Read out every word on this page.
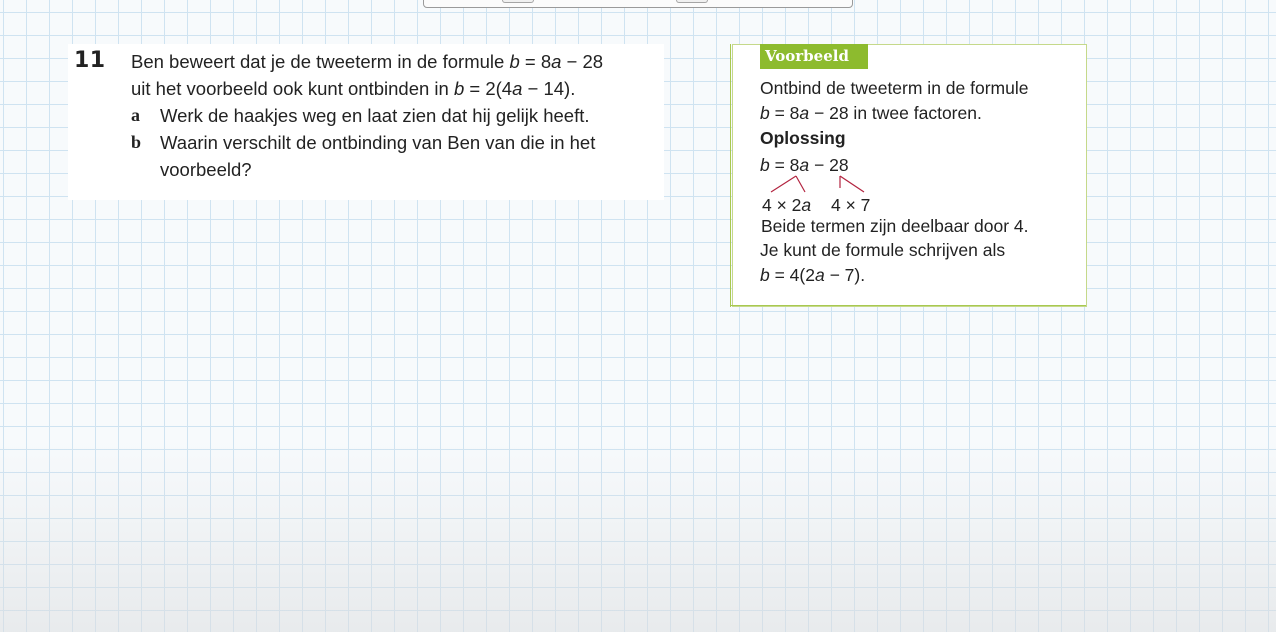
11 Ben beweert dat je de tweeterm in de formule b = 8a − 28
uit het voorbeeld ook kunt ontbinden in b = 2(4a − 14).
a Werk de haakjes weg en laat zien dat hij gelijk heeft.
b Waarin verschilt de ontbinding van Ben van die in het
voorbeeld?
Voorbeeld
Ontbind de tweeterm in de formule
b = 8a − 28 in twee factoren.
Oplossing
b = 8a − 28
4 × 2a 4 × 7
Beide termen zijn deelbaar door 4.
Je kunt de formule schrijven als
b = 4(2a − 7).
